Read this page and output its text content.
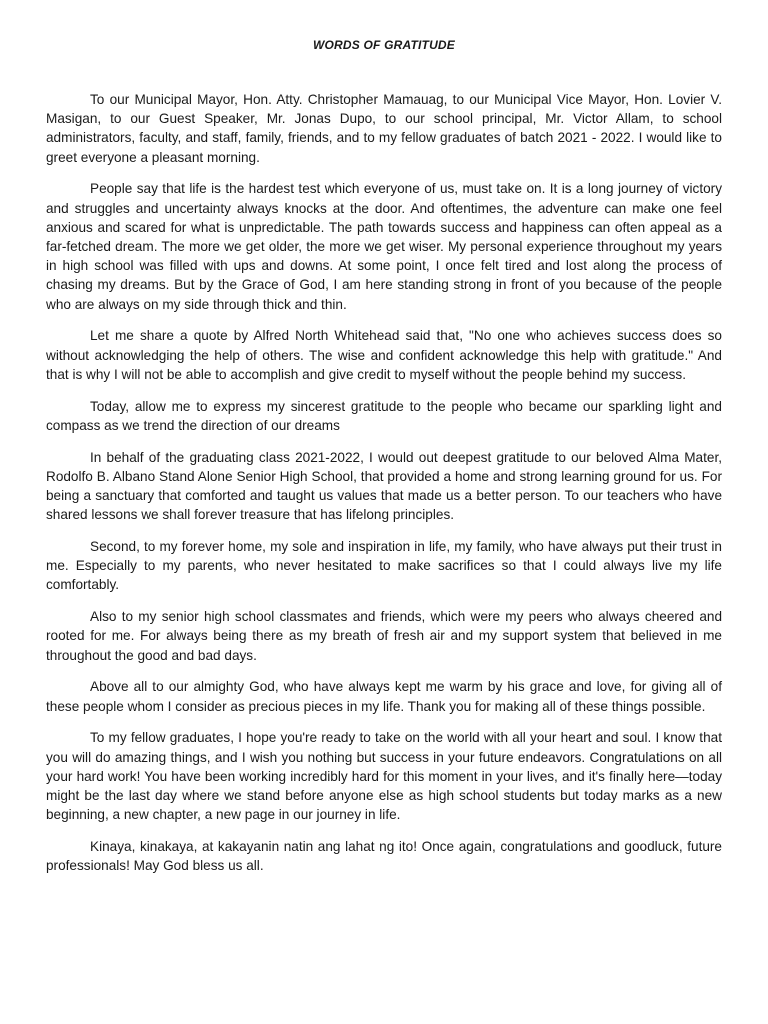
WORDS OF GRATITUDE

To our Municipal Mayor, Hon. Atty. Christopher Mamauag, to our Municipal Vice Mayor, Hon. Lovier V. Masigan, to our Guest Speaker, Mr. Jonas Dupo, to our school principal, Mr. Victor Allam, to school administrators, faculty, and staff, family, friends, and to my fellow graduates of batch 2021 - 2022. I would like to greet everyone a pleasant morning.

People say that life is the hardest test which everyone of us, must take on. It is a long journey of victory and struggles and uncertainty always knocks at the door. And oftentimes, the adventure can make one feel anxious and scared for what is unpredictable. The path towards success and happiness can often appeal as a far-fetched dream. The more we get older, the more we get wiser. My personal experience throughout my years in high school was filled with ups and downs. At some point, I once felt tired and lost along the process of chasing my dreams. But by the Grace of God, I am here standing strong in front of you because of the people who are always on my side through thick and thin.

Let me share a quote by Alfred North Whitehead said that, "No one who achieves success does so without acknowledging the help of others. The wise and confident acknowledge this help with gratitude." And that is why I will not be able to accomplish and give credit to myself without the people behind my success.

Today, allow me to express my sincerest gratitude to the people who became our sparkling light and compass as we trend the direction of our dreams

In behalf of the graduating class 2021-2022, I would out deepest gratitude to our beloved Alma Mater, Rodolfo B. Albano Stand Alone Senior High School, that provided a home and strong learning ground for us. For being a sanctuary that comforted and taught us values that made us a better person. To our teachers who have shared lessons we shall forever treasure that has lifelong principles.

Second, to my forever home, my sole and inspiration in life, my family, who have always put their trust in me. Especially to my parents, who never hesitated to make sacrifices so that I could always live my life comfortably.

Also to my senior high school classmates and friends, which were my peers who always cheered and rooted for me. For always being there as my breath of fresh air and my support system that believed in me throughout the good and bad days.

Above all to our almighty God, who have always kept me warm by his grace and love, for giving all of these people whom I consider as precious pieces in my life. Thank you for making all of these things possible.

To my fellow graduates, I hope you're ready to take on the world with all your heart and soul. I know that you will do amazing things, and I wish you nothing but success in your future endeavors. Congratulations on all your hard work! You have been working incredibly hard for this moment in your lives, and it's finally here—today might be the last day where we stand before anyone else as high school students but today marks as a new beginning, a new chapter, a new page in our journey in life.

Kinaya, kinakaya, at kakayanin natin ang lahat ng ito! Once again, congratulations and goodluck, future professionals! May God bless us all.
